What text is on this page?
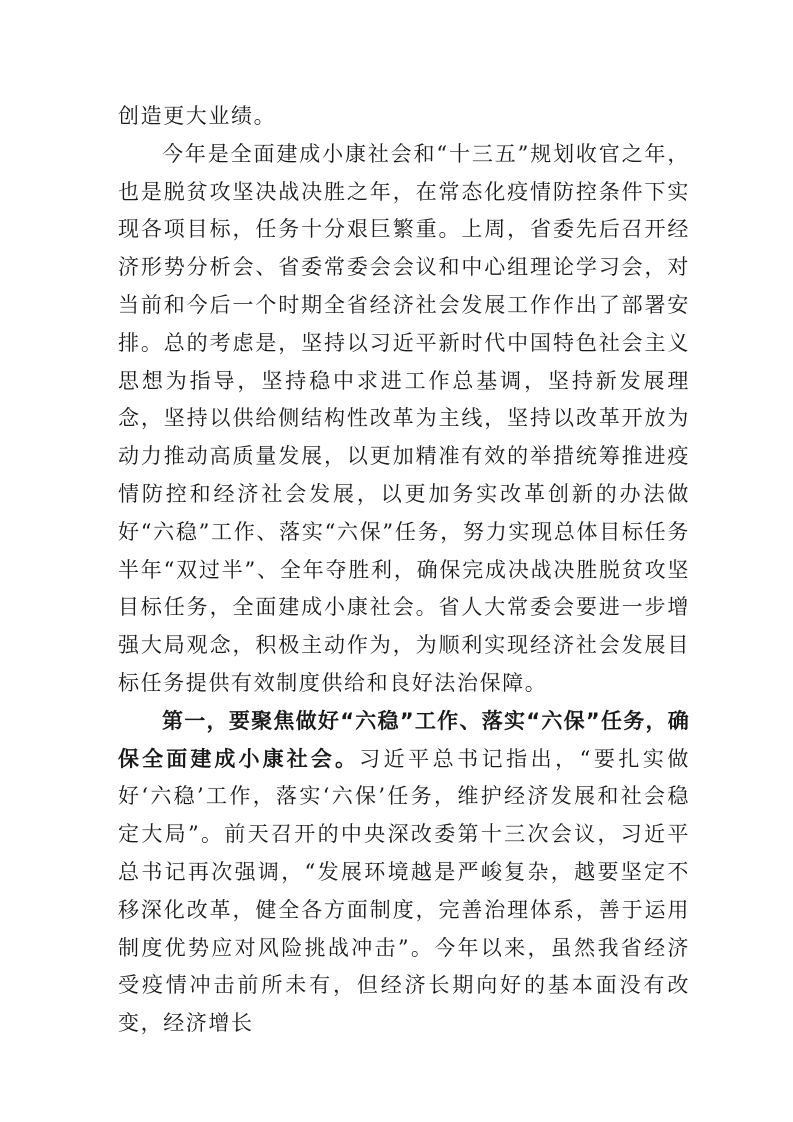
创造更大业绩。

今年是全面建成小康社会和“十三五”规划收官之年，也是脱贫攻坚决战决胜之年，在常态化疫情防控条件下实现各项目标，任务十分艰巨繁重。上周，省委先后召开经济形势分析会、省委常委会会议和中心组理论学习会，对当前和今后一个时期全省经济社会发展工作作出了部署安排。总的考虑是，坚持以习近平新时代中国特色社会主义思想为指导，坚持稳中求进工作总基调，坚持新发展理念，坚持以供给侧结构性改革为主线，坚持以改革开放为动力推动高质量发展，以更加精准有效的举措统筹推进疫情防控和经济社会发展，以更加务实改革创新的办法做好“六稳”工作、落实“六保”任务，努力实现总体目标任务半年“双过半”、全年夺胜利，确保完成决战决胜脱贫攻坚目标任务，全面建成小康社会。省人大常委会要进一步增强大局观念，积极主动作为，为顺利实现经济社会发展目标任务提供有效制度供给和良好法治保障。

第一，要聚焦做好“六稳”工作、落实“六保”任务，确保全面建成小康社会。习近平总书记指出，“要扎实做好‘六稳’工作，落实‘六保’任务，维护经济发展和社会稳定大局”。前天召开的中央深改委第十三次会议，习近平总书记再次强调，“发展环境越是严峻复杂，越要坚定不移深化改革，健全各方面制度，完善治理体系，善于运用制度优势应对风险挑战冲击”。今年以来，虽然我省经济受疫情冲击前所未有，但经济长期向好的基本面没有改变，经济增长
